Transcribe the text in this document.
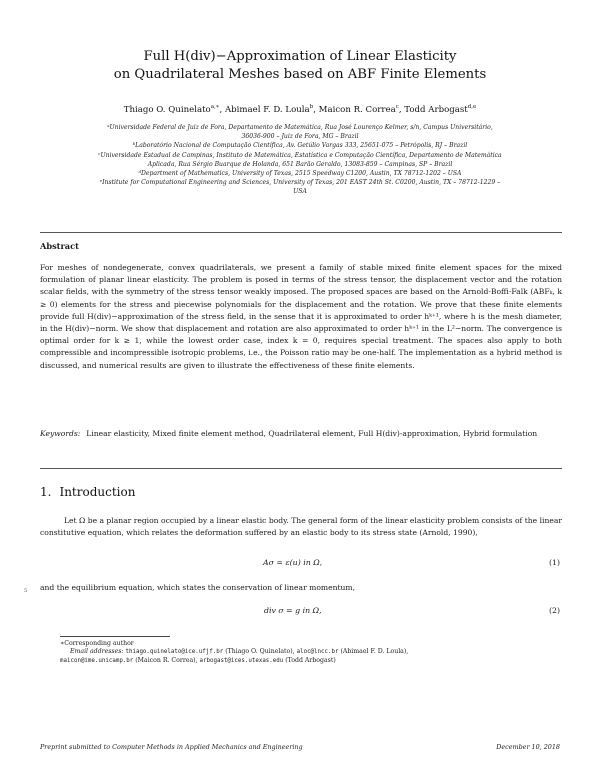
Full H(div)−Approximation of Linear Elasticity
on Quadrilateral Meshes based on ABF Finite Elements
Thiago O. Quinelato$^{a,∗}$, Abimael F. D. Loula$^b$, Maicon R. Correa$^c$, Todd Arbogast$^{d,e}$
ᵃUniversidade Federal de Juiz de Fora, Departamento de Matemática, Rua José Lourenço Kelmer, s/n, Campus Universitário,
36036-900 – Juiz de Fora, MG – Brazil
ᵇLaboratório Nacional de Computação Científica, Av. Getúlio Vargas 333, 25651-075 – Petrópolis, RJ – Brazil
ᶜUniversidade Estadual de Campinas, Instituto de Matemática, Estatística e Computação Científica, Departamento de Matemática
Aplicada, Rua Sérgio Buarque de Holanda, 651 Barão Geraldo, 13083-859 – Campinas, SP – Brazil
ᵈDepartment of Mathematics, University of Texas, 2515 Speedway C1200, Austin, TX 78712-1202 – USA
ᵉInstitute for Computational Engineering and Sciences, University of Texas, 201 EAST 24th St. C0200, Austin, TX – 78712-1229 –
USA
Abstract
For meshes of nondegenerate, convex quadrilaterals, we present a family of stable mixed finite element spaces for the mixed formulation of planar linear elasticity. The problem is posed in terms of the stress tensor, the displacement vector and the rotation scalar fields, with the symmetry of the stress tensor weakly imposed. The proposed spaces are based on the Arnold-Boffi-Falk (ABFₖ, k ≥ 0) elements for the stress and piecewise polynomials for the displacement and the rotation. We prove that these finite elements provide full H(div)−approximation of the stress field, in the sense that it is approximated to order hᵏ⁺¹, where h is the mesh diameter, in the H(div)−norm. We show that displacement and rotation are also approximated to order hᵏ⁺¹ in the L²−norm. The convergence is optimal order for k ≥ 1, while the lowest order case, index k = 0, requires special treatment. The spaces also apply to both compressible and incompressible isotropic problems, i.e., the Poisson ratio may be one-half. The implementation as a hybrid method is discussed, and numerical results are given to illustrate the effectiveness of these finite elements.
Keywords: Linear elasticity, Mixed finite element method, Quadrilateral element, Full H(div)-approximation, Hybrid formulation
1. Introduction
Let Ω be a planar region occupied by a linear elastic body. The general form of the linear elasticity problem consists of the linear constitutive equation, which relates the deformation suffered by an elastic body to its stress state (Arnold, 1990),
Aσ = ε(u) in Ω,	(1)
5 and the equilibrium equation, which states the conservation of linear momentum,
div σ = g in Ω,	(2)
∗Corresponding author
Email addresses: thiago.quinelato@ice.ufjf.br (Thiago O. Quinelato), aloc@lncc.br (Abimael F. D. Loula),
maicon@ime.unicamp.br (Maicon R. Correa), arbogast@ices.utexas.edu (Todd Arbogast)
Preprint submitted to Computer Methods in Applied Mechanics and Engineering	December 10, 2018
